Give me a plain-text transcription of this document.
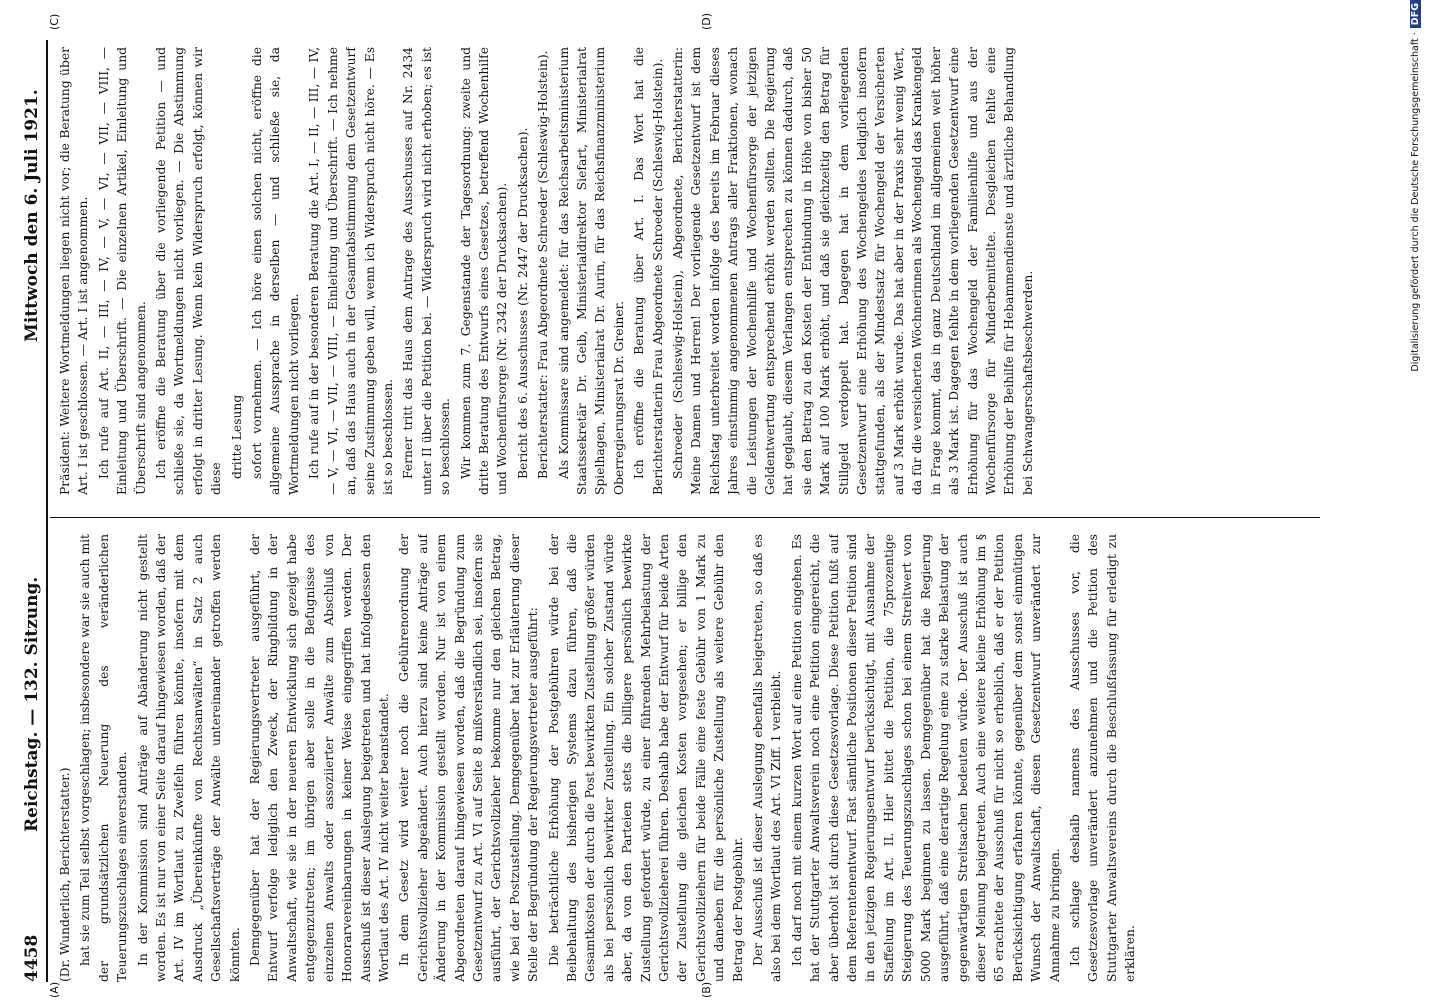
4458
Reichstag. — 132. Sitzung.
Mittwoch den 6. Juli 1921.
(A)	(B)
(C)	(D)

(Dr. Wunderlich, Berichterstatter.) hat sie zum Teil selbst vorgeschlagen; insbesondere war sie auch mit der grundsätzlichen Neuerung des veränderlichen Teuerungszuschlages einverstanden. In der Kommission sind Anträge auf Abänderung nicht gestellt worden. Es ist nur von einer Seite darauf hingewiesen worden, daß der Art. IV im Wortlaut zu Zweifeln führen könnte, insofern mit dem Ausdruck „Übereinkünfte von Rechtsanwälten“ in Satz 2 auch Gesellschaftsverträge der Anwälte untereinander getroffen werden könnten. Demgegenüber hat der Regierungsvertreter ausgeführt, der Entwurf verfolge lediglich den Zweck, der Ringbildung in der Anwaltschaft, wie sie in der neueren Entwicklung sich gezeigt habe entgegenzutreten; im übrigen aber solle in die Befugnisse des einzelnen Anwalts oder assoziierter Anwälte zum Abschluß von Honorarvereinbarungen in keiner Weise eingegriffen werden. Der Ausschuß ist dieser Auslegung beigetreten und hat infolgedessen den Wortlaut des Art. IV nicht weiter beanstandet. In dem Gesetz wird weiter noch die Gebührenordnung der Gerichtsvollzieher abgeändert. Auch hierzu sind keine Anträge auf Änderung in der Kommission gestellt worden. Nur ist von einem Abgeordneten darauf hingewiesen worden, daß die Begründung zum Gesetzentwurf zu Art. VI auf Seite 8 mißverständlich sei, insofern sie ausführt, der Gerichtsvollzieher bekomme nur den gleichen Betrag, wie bei der Postzustellung. Demgegenüber hat zur Erläuterung dieser Stelle der Begründung der Regierungsvertreter ausgeführt: Die beträchtliche Erhöhung der Postgebühren würde bei der Beibehaltung des bisherigen Systems dazu führen, daß die Gesamtkosten der durch die Post bewirkten Zustellung größer würden als bei persönlich bewirkter Zustellung. Ein solcher Zustand würde aber, da von den Parteien stets die billigere persönlich bewirkte Zustellung gefordert würde, zu einer führenden Mehrbelastung der Gerichtsvollzieherei führen. Deshalb habe der Entwurf für beide Arten der Zustellung die gleichen Kosten vorgesehen; er billige den Gerichtsvollziehern für beide Fälle eine feste Gebühr von 1 Mark zu und daneben für die persönliche Zustellung als weitere Gebühr den Betrag der Postgebühr. Der Ausschuß ist dieser Auslegung ebenfalls beigetreten, so daß es also bei dem Wortlaut des Art. VI Ziff. 1 verbleibt. Ich darf noch mit einem kurzen Wort auf eine Petition eingehen. Es hat der Stuttgarter Anwaltsverein noch eine Petition eingereicht, die aber überholt ist durch diese Gesetzesvorlage. Diese Petition fußt auf dem Referentenentwurf. Fast sämtliche Positionen dieser Petition sind in den jetzigen Regierungsentwurf berücksichtigt, mit Ausnahme der Staffelung im Art. II. Hier bittet die Petition, die 75prozentige Steigerung des Teuerungszuschlages schon bei einem Streitwert von 5000 Mark beginnen zu lassen. Demgegenüber hat die Regierung ausgeführt, daß eine derartige Regelung eine zu starke Belastung der gegenwärtigen Streitsachen bedeuten würde. Der Ausschuß ist auch dieser Meinung beigetreten. Auch eine weitere kleine Erhöhung im § 65 erachtete der Ausschuß für nicht so erheblich, daß er der Petition Berücksichtigung erfahren könnte, gegenüber dem sonst einmütigen Wunsch der Anwaltschaft, diesen Gesetzentwurf unverändert zur Annahme zu bringen. Ich schlage deshalb namens des Ausschusses vor, die Gesetzesvorlage unverändert anzunehmen und die Petition des Stuttgarter Anwaltsvereins durch die Beschlußfassung für erledigt zu erklären.

Präsident: Weitere Wortmeldungen liegen nicht vor; die Beratung über Art. I ist geschlossen. — Art. I ist angenommen. Ich rufe auf Art. II, — III, — IV, — V, — VI, — VII, — VIII, — Einleitung und Überschrift. — Die einzelnen Artikel, Einleitung und Überschrift sind angenommen. Ich eröffne die Beratung über die vorliegende Petition — und schließe sie, da Wortmeldungen nicht vorliegen. — Die Abstimmung erfolgt in dritter Lesung. Wenn kein Widerspruch erfolgt, können wir diese dritte Lesung sofort vornehmen. — Ich höre einen solchen nicht, eröffne die allgemeine Aussprache in derselben — und schließe sie, da Wortmeldungen nicht vorliegen. Ich rufe auf in der besonderen Beratung die Art. I, — II, — III, — IV, — V, — VI, — VII, — VIII, — Einleitung und Überschrift. — Ich nehme an, daß das Haus auch in der Gesamtabstimmung dem Gesetzentwurf seine Zustimmung geben will, wenn ich Widerspruch nicht höre. — Es ist so beschlossen. Ferner tritt das Haus dem Antrage des Ausschusses auf Nr. 2434 unter II über die Petition bei. — Widerspruch wird nicht erhoben; es ist so beschlossen. Wir kommen zum 7. Gegenstande der Tagesordnung: zweite und dritte Beratung des Entwurfs eines Gesetzes, betreffend Wochenhilfe und Wochenfürsorge (Nr. 2342 der Drucksachen). Bericht des 6. Ausschusses (Nr. 2447 der Drucksachen). Berichterstatter: Frau Abgeordnete Schroeder (Schleswig-Holstein). Als Kommissare sind angemeldet: für das Reichsarbeitsministerium Staatssekretär Dr. Geib, Ministerialdirektor Siefart, Ministerialrat Spielhagen, Ministerialrat Dr. Aurin, für das Reichsfinanzministerium Oberregierungsrat Dr. Greiner. Ich eröffne die Beratung über Art. I. Das Wort hat die Berichterstatterin Frau Abgeordnete Schroeder (Schleswig-Holstein). Schroeder (Schleswig-Holstein), Abgeordnete, Berichterstatterin: Meine Damen und Herren! Der vorliegende Gesetzentwurf ist dem Reichstag unterbreitet worden infolge des bereits im Februar dieses Jahres einstimmig angenommenen Antrags aller Fraktionen, wonach die Leistungen der Wochenhilfe und Wochenfürsorge der jetzigen Geldentwertung entsprechend erhöht werden sollten. Die Regierung hat geglaubt, diesem Verlangen entsprechen zu können dadurch, daß sie den Betrag zu den Kosten der Entbindung in Höhe von bisher 50 Mark auf 100 Mark erhöht, und daß sie gleichzeitig den Betrag für Stillgeld verdoppelt hat. Dagegen hat in dem vorliegenden Gesetzentwurf eine Erhöhung des Wochengeldes lediglich insofern stattgefunden, als der Mindestsatz für Wochengeld der Versicherten auf 3 Mark erhöht wurde. Das hat aber in der Praxis sehr wenig Wert, da für die versicherten Wöchnerinnen als Wochengeld das Krankengeld in Frage kommt, das in ganz Deutschland im allgemeinen weit höher als 3 Mark ist. Dagegen fehlte in dem vorliegenden Gesetzentwurf eine Erhöhung für das Wochengeld der Familienhilfe und aus der Wochenfürsorge für Minderbemittelte. Desgleichen fehlte eine Erhöhung der Beihilfe für Hebammendienste und ärztliche Behandlung bei Schwangerschaftsbeschwerden.

Digitalisierung gefördert durch die Deutsche Forschungsgemeinschaft ·DFG
